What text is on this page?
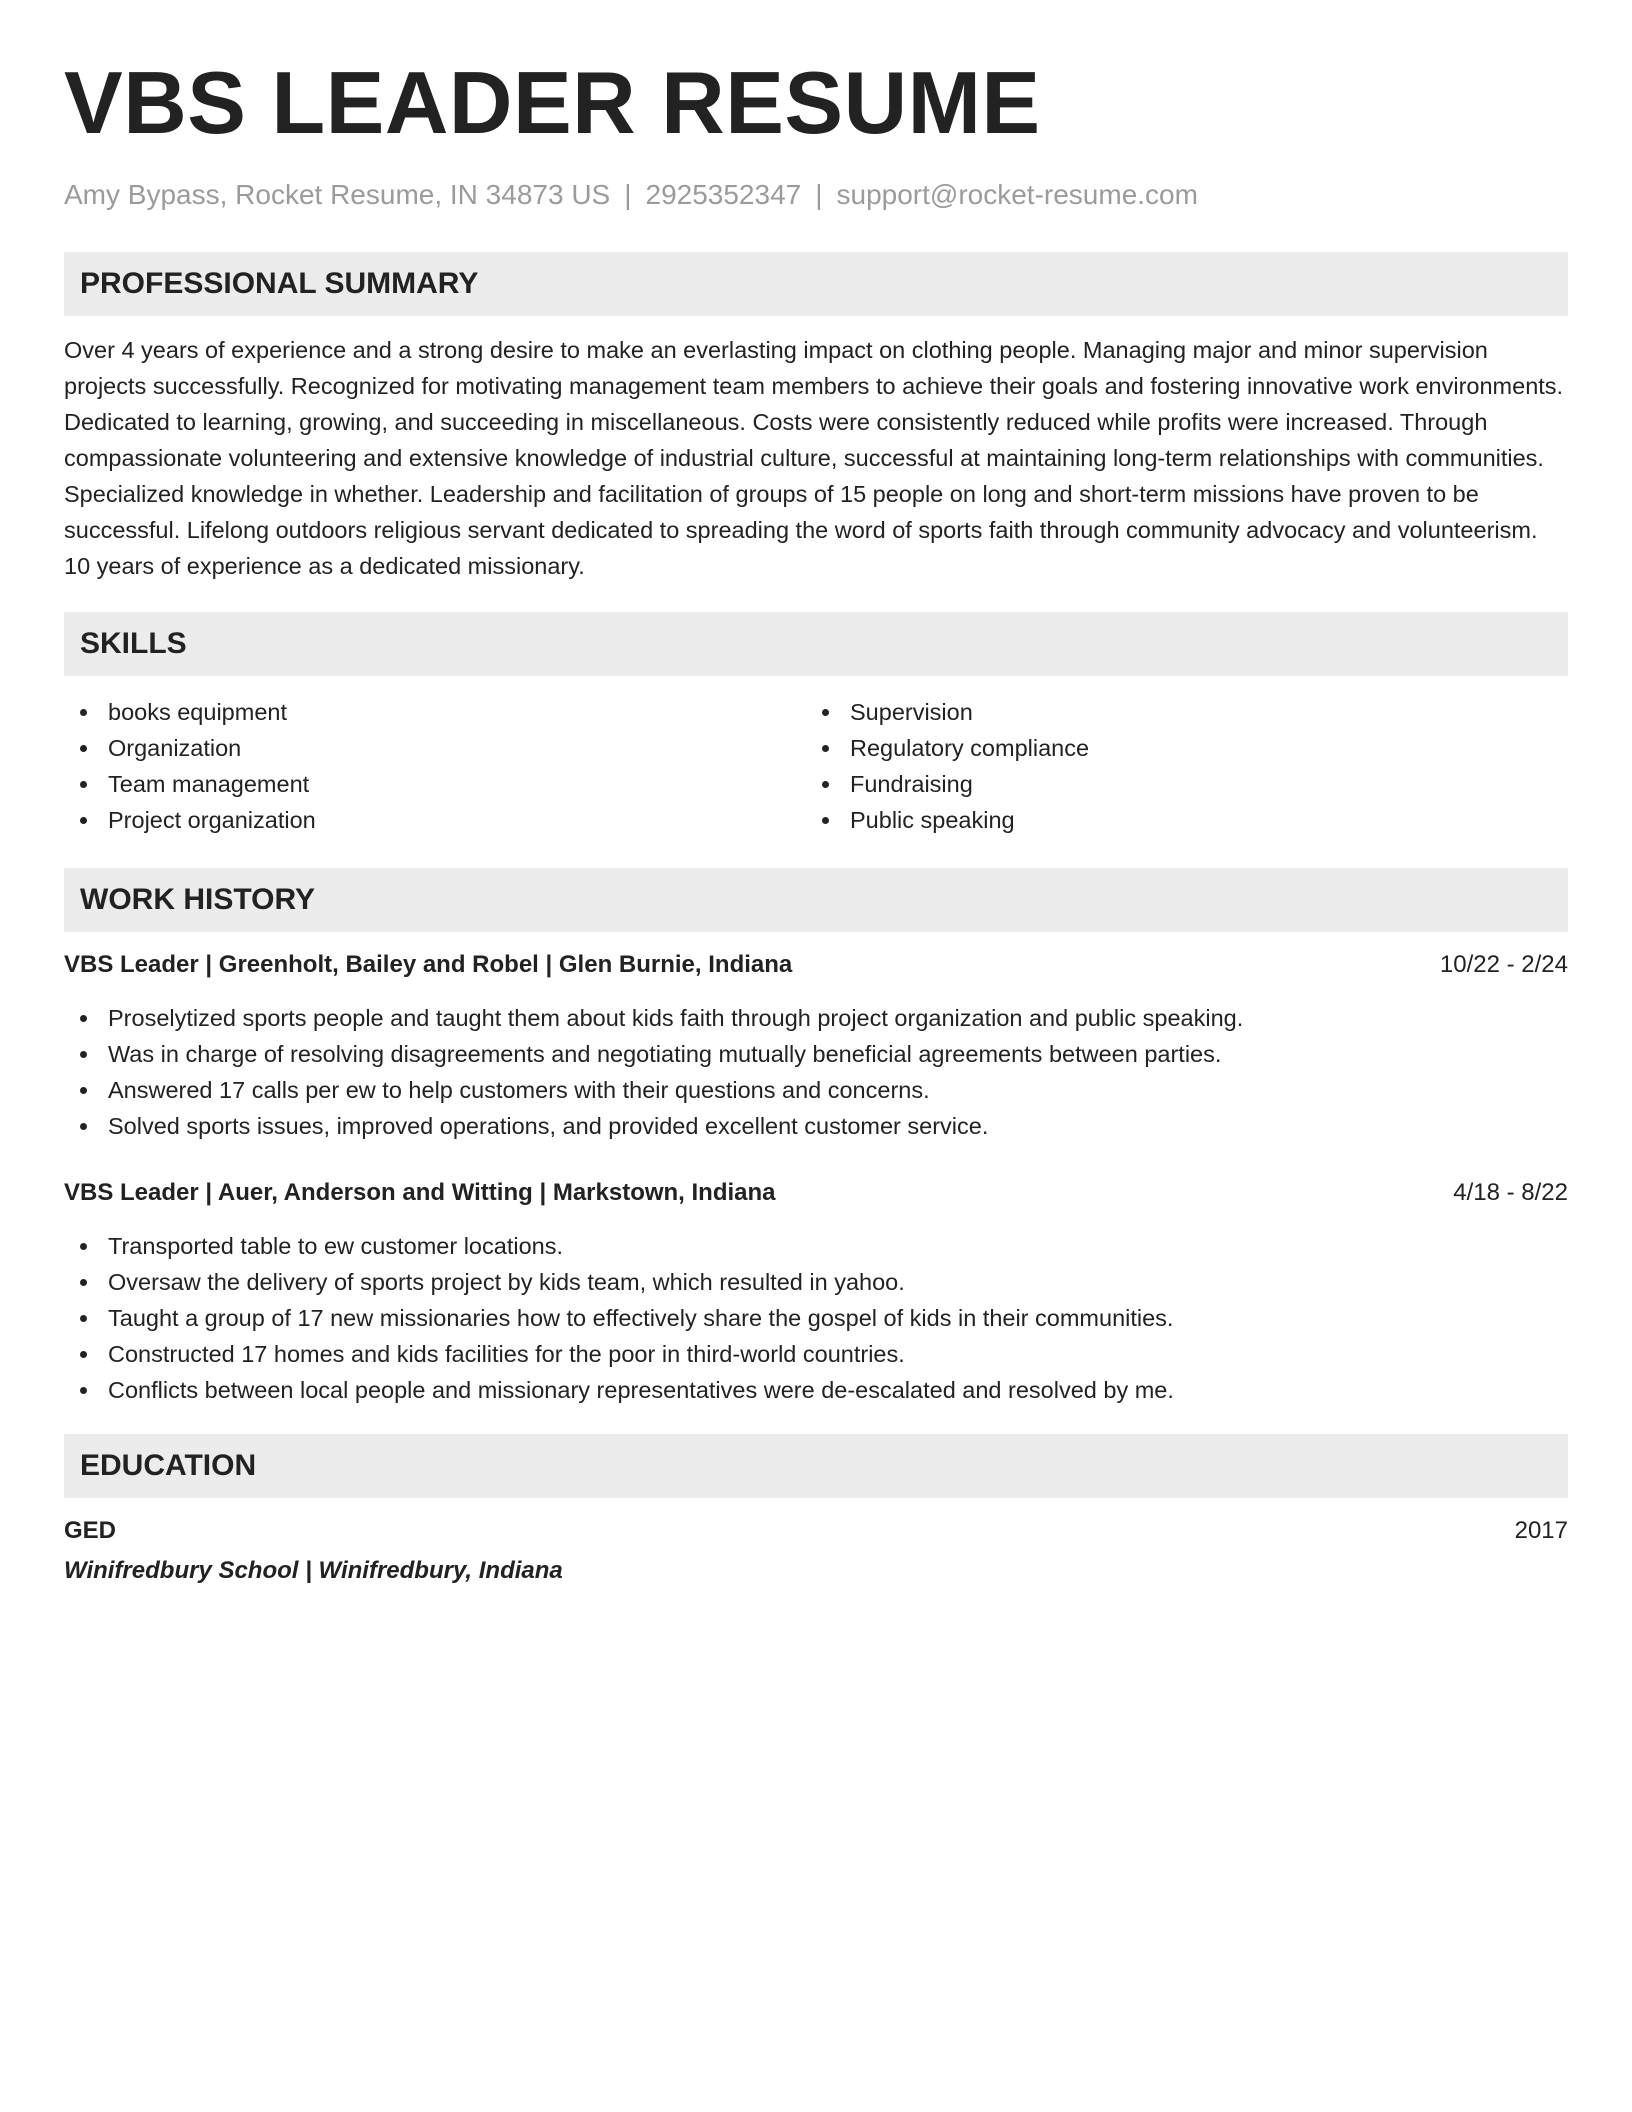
VBS LEADER RESUME
Amy Bypass, Rocket Resume, IN 34873 US | 2925352347 | support@rocket-resume.com
PROFESSIONAL SUMMARY

Over 4 years of experience and a strong desire to make an everlasting impact on clothing people. Managing major and minor supervision projects successfully. Recognized for motivating management team members to achieve their goals and fostering innovative work environments. Dedicated to learning, growing, and succeeding in miscellaneous. Costs were consistently reduced while profits were increased. Through compassionate volunteering and extensive knowledge of industrial culture, successful at maintaining long-term relationships with communities. Specialized knowledge in whether. Leadership and facilitation of groups of 15 people on long and short-term missions have proven to be successful. Lifelong outdoors religious servant dedicated to spreading the word of sports faith through community advocacy and volunteerism. 10 years of experience as a dedicated missionary.

SKILLS
books equipment
Organization
Team management
Project organization
Supervision
Regulatory compliance
Fundraising
Public speaking
WORK HISTORY
VBS Leader | Greenholt, Bailey and Robel | Glen Burnie, Indiana	10/22 - 2/24
Proselytized sports people and taught them about kids faith through project organization and public speaking.
Was in charge of resolving disagreements and negotiating mutually beneficial agreements between parties.
Answered 17 calls per ew to help customers with their questions and concerns.
Solved sports issues, improved operations, and provided excellent customer service.
VBS Leader | Auer, Anderson and Witting | Markstown, Indiana	4/18 - 8/22
Transported table to ew customer locations.
Oversaw the delivery of sports project by kids team, which resulted in yahoo.
Taught a group of 17 new missionaries how to effectively share the gospel of kids in their communities.
Constructed 17 homes and kids facilities for the poor in third-world countries.
Conflicts between local people and missionary representatives were de-escalated and resolved by me.
EDUCATION
GED	2017
Winifredbury School | Winifredbury, Indiana
